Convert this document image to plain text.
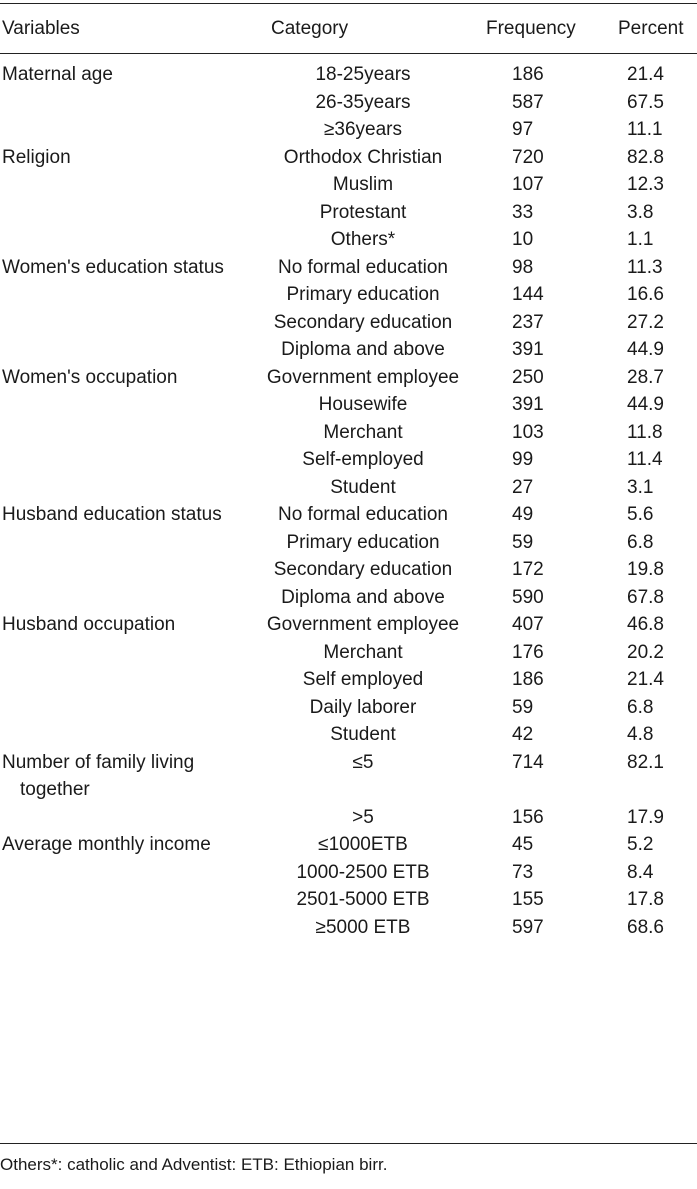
Variables	Category	Frequency	Percent

Maternal age	18-25years	186	21.4

	26-35years	587	67.5

	≥36years	97	11.1

Religion	Orthodox Christian	720	82.8

	Muslim	107	12.3

	Protestant	33	3.8

	Others*	10	1.1

Women's education status	No formal education	98	11.3

	Primary education	144	16.6

	Secondary education	237	27.2

	Diploma and above	391	44.9

Women's occupation	Government employee	250	28.7

	Housewife	391	44.9

	Merchant	103	11.8

	Self-employed	99	11.4

	Student	27	3.1

Husband education status	No formal education	49	5.6

	Primary education	59	6.8

	Secondary education	172	19.8

	Diploma and above	590	67.8

Husband occupation	Government employee	407	46.8

	Merchant	176	20.2

	Self employed	186	21.4

	Daily laborer	59	6.8

	Student	42	4.8

Number of family living together	≤5	714	82.1

	>5	156	17.9

Average monthly income	≤1000ETB	45	5.2

	1000-2500 ETB	73	8.4

	2501-5000 ETB	155	17.8

	≥5000 ETB	597	68.6
Others*: catholic and Adventist: ETB: Ethiopian birr.
